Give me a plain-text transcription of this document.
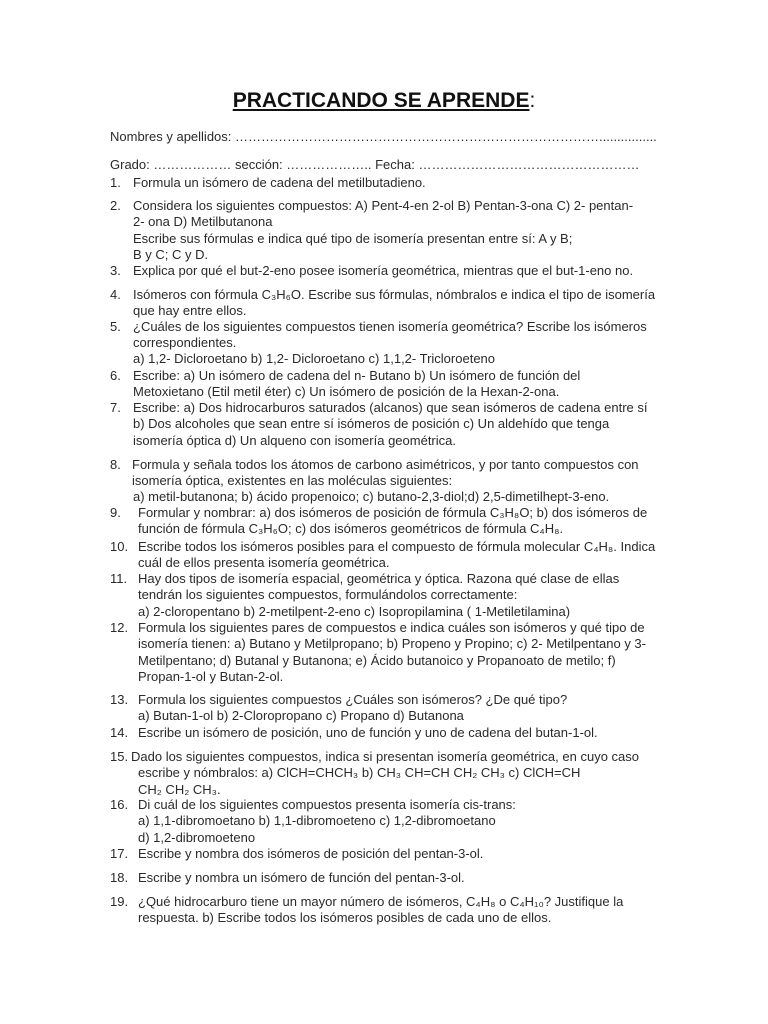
PRACTICANDO SE APRENDE:
Nombres y apellidos: …………………………………………………………………………................
Grado: ……………… sección: ……………….. Fecha: ……………………………………………
1. Formula un isómero de cadena del metilbutadieno.
2. Considera los siguientes compuestos: A) Pent-4-en 2-ol B) Pentan-3-ona C) 2- pentan-
2- ona D) Metilbutanona
Escribe sus fórmulas e indica qué tipo de isomería presentan entre sí: A y B;
B y C; C y D.
3. Explica por qué el but-2-eno posee isomería geométrica, mientras que el but-1-eno no.
4. Isómeros con fórmula C₃H₆O. Escribe sus fórmulas, nómbralos e indica el tipo de isomería
que hay entre ellos.
5. ¿Cuáles de los siguientes compuestos tienen isomería geométrica? Escribe los isómeros
correspondientes.
a) 1,2- Dicloroetano b) 1,2- Dicloroetano c) 1,1,2- Tricloroeteno
6. Escribe: a) Un isómero de cadena del n- Butano b) Un isómero de función del
Metoxietano (Etil metil éter) c) Un isómero de posición de la Hexan-2-ona.
7. Escribe: a) Dos hidrocarburos saturados (alcanos) que sean isómeros de cadena entre sí
b) Dos alcoholes que sean entre sí isómeros de posición c) Un aldehído que tenga
isomería óptica d) Un alqueno con isomería geométrica.
8. Formula y señala todos los átomos de carbono asimétricos, y por tanto compuestos con
isomería óptica, existentes en las moléculas siguientes:
a) metil-butanona; b) ácido propenoico; c) butano-2,3-diol;d) 2,5-dimetilhept-3-eno.
9. Formular y nombrar: a) dos isómeros de posición de fórmula C₃H₈O; b) dos isómeros de
función de fórmula C₃H₆O; c) dos isómeros geométricos de fórmula C₄H₈.
10. Escribe todos los isómeros posibles para el compuesto de fórmula molecular C₄H₈. Indica
cuál de ellos presenta isomería geométrica.
11. Hay dos tipos de isomería espacial, geométrica y óptica. Razona qué clase de ellas
tendrán los siguientes compuestos, formulándolos correctamente:
a) 2-cloropentano b) 2-metilpent-2-eno c) Isopropilamina ( 1-Metiletilamina)
12. Formula los siguientes pares de compuestos e indica cuáles son isómeros y qué tipo de
isomería tienen: a) Butano y Metilpropano; b) Propeno y Propino; c) 2- Metilpentano y 3-
Metilpentano; d) Butanal y Butanona; e) Ácido butanoico y Propanoato de metilo; f)
Propan-1-ol y Butan-2-ol.
13. Formula los siguientes compuestos ¿Cuáles son isómeros? ¿De qué tipo?
a) Butan-1-ol b) 2-Cloropropano c) Propano d) Butanona
14. Escribe un isómero de posición, uno de función y uno de cadena del butan-1-ol.
15. Dado los siguientes compuestos, indica si presentan isomería geométrica, en cuyo caso
escribe y nómbralos: a) ClCH=CHCH₃ b) CH₃ CH=CH CH₂ CH₃ c) ClCH=CH
CH₂ CH₂ CH₃.
16. Di cuál de los siguientes compuestos presenta isomería cis-trans:
a) 1,1-dibromoetano b) 1,1-dibromoeteno c) 1,2-dibromoetano
d) 1,2-dibromoeteno
17. Escribe y nombra dos isómeros de posición del pentan-3-ol.
18. Escribe y nombra un isómero de función del pentan-3-ol.
19. ¿Qué hidrocarburo tiene un mayor número de isómeros, C₄H₈ o C₄H₁₀? Justifique la
respuesta. b) Escribe todos los isómeros posibles de cada uno de ellos.
